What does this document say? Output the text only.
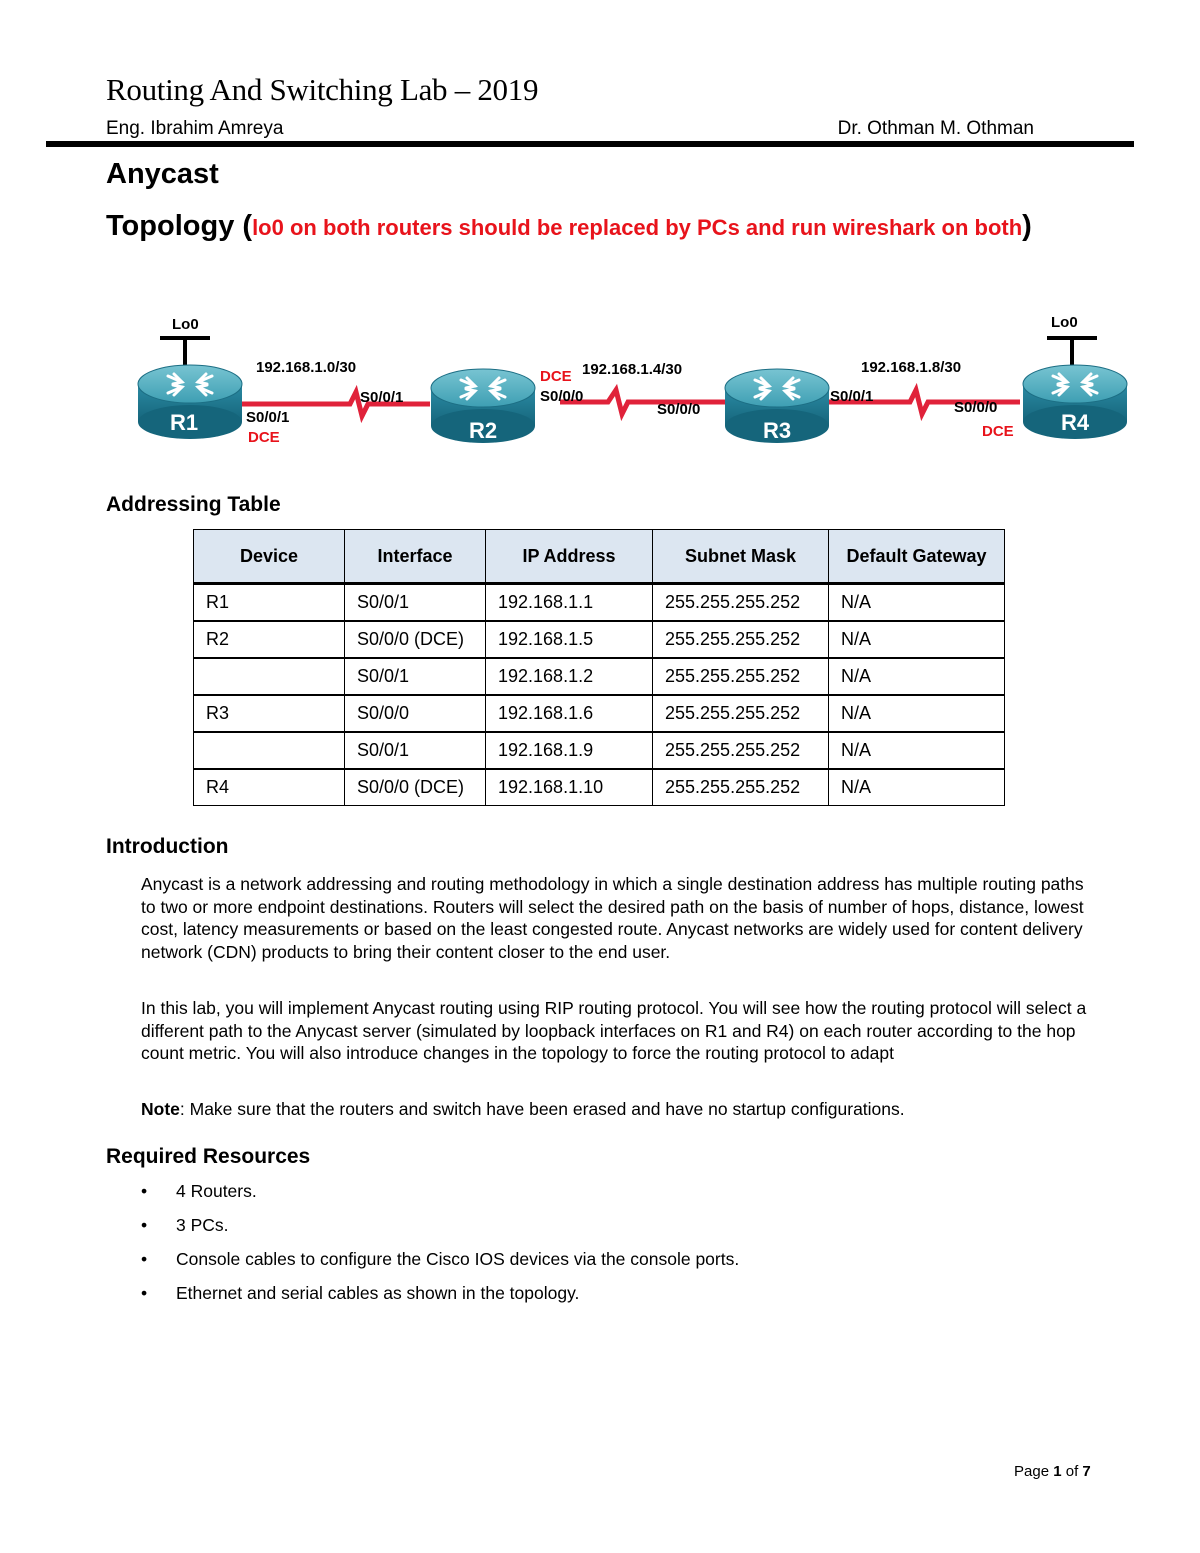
Routing And Switching Lab – 2019
Eng. Ibrahim Amreya	Dr. Othman M. Othman
Anycast
Topology (lo0 on both routers should be replaced by PCs and run wireshark on both)
Lo0	Lo0
R1	R2	R3	R4
192.168.1.0/30	192.168.1.4/30	192.168.1.8/30
S0/0/1
S0/0/1	S0/0/0
S0/0/0
S0/0/1
S0/0/0
DCE
DCE
DCE
Addressing Table
Device	Interface	IP Address	Subnet Mask	Default Gateway
R1	S0/0/1	192.168.1.1	255.255.255.252	N/A
R2	S0/0/0 (DCE)	192.168.1.5	255.255.255.252	N/A
	S0/0/1	192.168.1.2	255.255.255.252	N/A
R3	S0/0/0	192.168.1.6	255.255.255.252	N/A
	S0/0/1	192.168.1.9	255.255.255.252	N/A
R4	S0/0/0 (DCE)	192.168.1.10	255.255.255.252	N/A
Introduction
Anycast is a network addressing and routing methodology in which a single destination address has multiple routing paths to two or more endpoint destinations. Routers will select the desired path on the basis of number of hops, distance, lowest cost, latency measurements or based on the least congested route. Anycast networks are widely used for content delivery network (CDN) products to bring their content closer to the end user.
In this lab, you will implement Anycast routing using RIP routing protocol. You will see how the routing protocol will select a different path to the Anycast server (simulated by loopback interfaces on R1 and R4) on each router according to the hop count metric. You will also introduce changes in the topology to force the routing protocol to adapt
Note: Make sure that the routers and switch have been erased and have no startup configurations.
Required Resources
• 4 Routers.
• 3 PCs.
• Console cables to configure the Cisco IOS devices via the console ports.
• Ethernet and serial cables as shown in the topology.
Page 1 of 7
